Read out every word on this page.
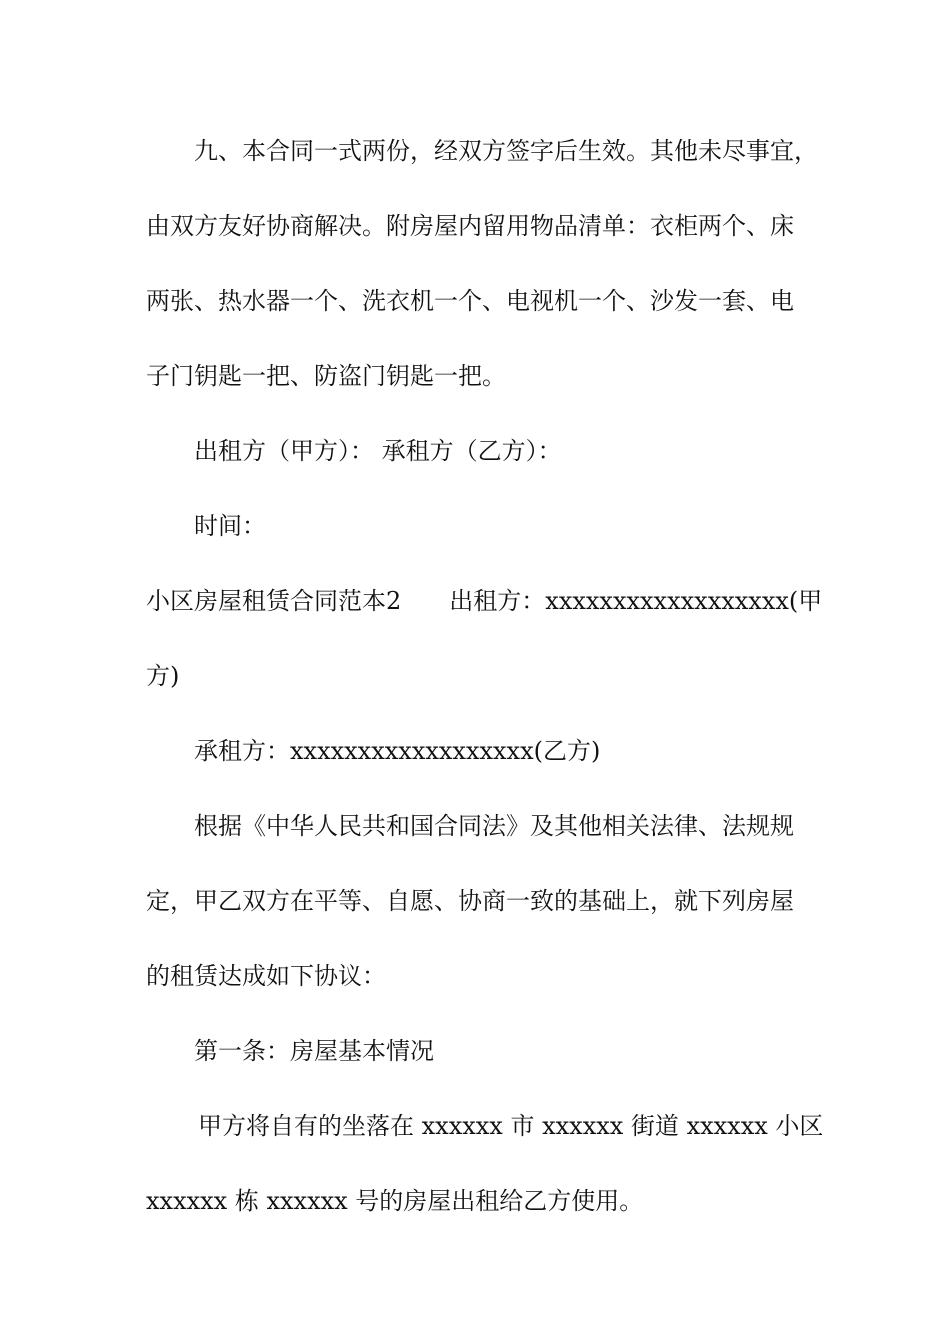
九、本合同一式两份，经双方签字后生效。其他未尽事宜，
由双方友好协商解决。附房屋内留用物品清单：衣柜两个、床
两张、热水器一个、洗衣机一个、电视机一个、沙发一套、电
子门钥匙一把、防盗门钥匙一把。
出租方（甲方）： 承租方（乙方）：
时间：
小区房屋租赁合同范本2 出租方：xxxxxxxxxxxxxxxxxx(甲
方)
承租方：xxxxxxxxxxxxxxxxxx(乙方)
根据《中华人民共和国合同法》及其他相关法律、法规规
定，甲乙双方在平等、自愿、协商一致的基础上，就下列房屋
的租赁达成如下协议：
第一条：房屋基本情况
甲方将自有的坐落在 xxxxxx 市 xxxxxx 街道 xxxxxx 小区
xxxxxx 栋 xxxxxx 号的房屋出租给乙方使用。
